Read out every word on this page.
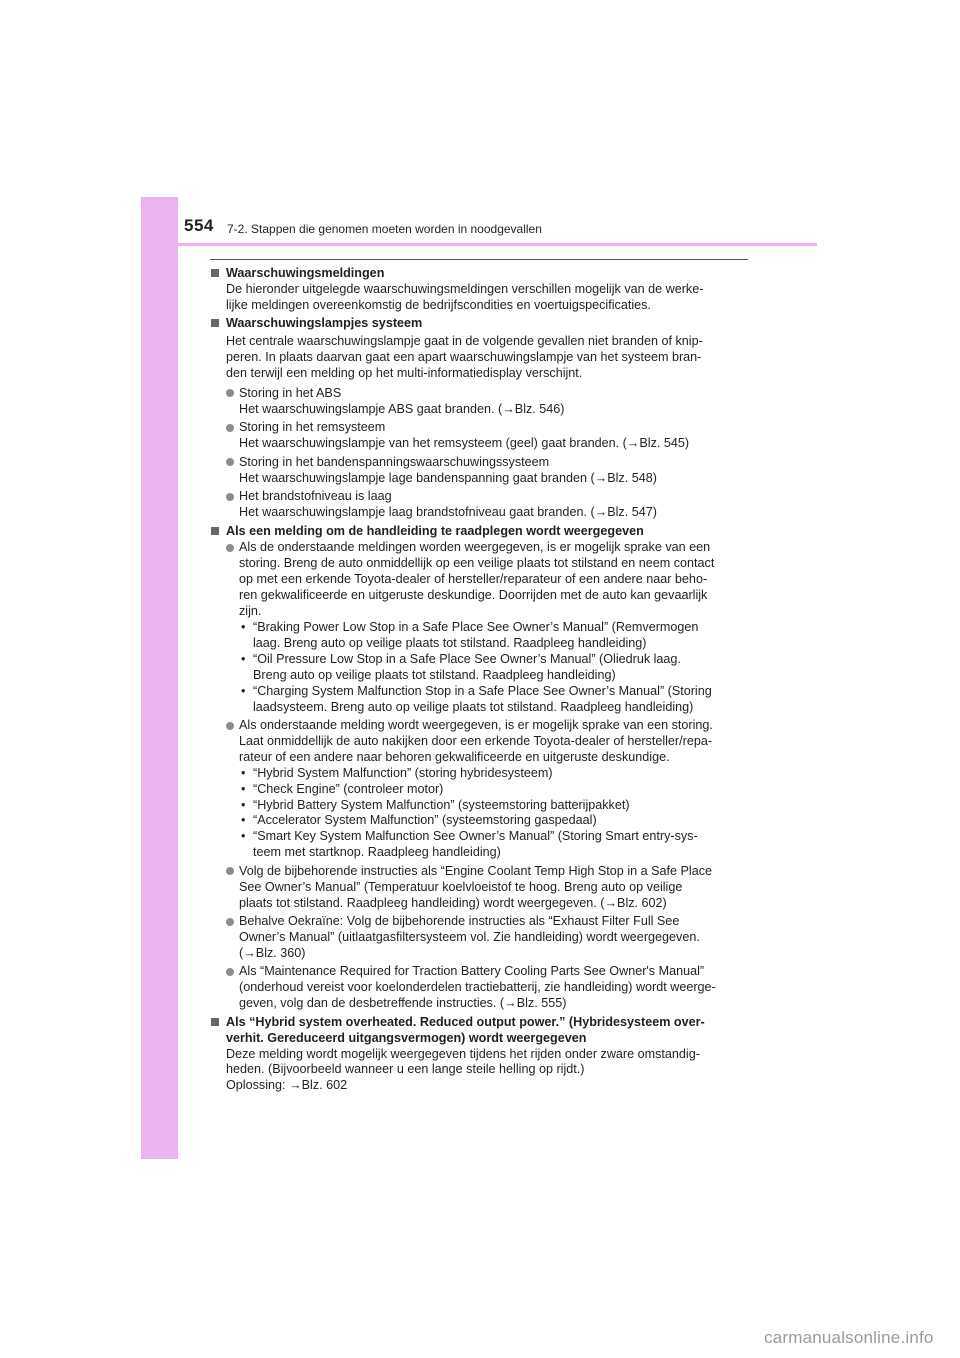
554 7-2. Stappen die genomen moeten worden in noodgevallen
Waarschuwingsmeldingen
De hieronder uitgelegde waarschuwingsmeldingen verschillen mogelijk van de werke-
lijke meldingen overeenkomstig de bedrijfscondities en voertuigspecificaties.
Waarschuwingslampjes systeem
Het centrale waarschuwingslampje gaat in de volgende gevallen niet branden of knip-
peren. In plaats daarvan gaat een apart waarschuwingslampje van het systeem bran-
den terwijl een melding op het multi-informatiedisplay verschijnt.
Storing in het ABS
Het waarschuwingslampje ABS gaat branden. (→Blz. 546)
Storing in het remsysteem
Het waarschuwingslampje van het remsysteem (geel) gaat branden. (→Blz. 545)
Storing in het bandenspanningswaarschuwingssysteem
Het waarschuwingslampje lage bandenspanning gaat branden (→Blz. 548)
Het brandstofniveau is laag
Het waarschuwingslampje laag brandstofniveau gaat branden. (→Blz. 547)
Als een melding om de handleiding te raadplegen wordt weergegeven
Als de onderstaande meldingen worden weergegeven, is er mogelijk sprake van een
storing. Breng de auto onmiddellijk op een veilige plaats tot stilstand en neem contact
op met een erkende Toyota-dealer of hersteller/reparateur of een andere naar beho-
ren gekwalificeerde en uitgeruste deskundige. Doorrijden met de auto kan gevaarlijk
zijn.
• “Braking Power Low Stop in a Safe Place See Owner’s Manual” (Remvermogen
laag. Breng auto op veilige plaats tot stilstand. Raadpleeg handleiding)
• “Oil Pressure Low Stop in a Safe Place See Owner’s Manual” (Oliedruk laag.
Breng auto op veilige plaats tot stilstand. Raadpleeg handleiding)
• “Charging System Malfunction Stop in a Safe Place See Owner’s Manual” (Storing
laadsysteem. Breng auto op veilige plaats tot stilstand. Raadpleeg handleiding)
Als onderstaande melding wordt weergegeven, is er mogelijk sprake van een storing.
Laat onmiddellijk de auto nakijken door een erkende Toyota-dealer of hersteller/repa-
rateur of een andere naar behoren gekwalificeerde en uitgeruste deskundige.
• “Hybrid System Malfunction” (storing hybridesysteem)
• “Check Engine” (controleer motor)
• “Hybrid Battery System Malfunction” (systeemstoring batterijpakket)
• “Accelerator System Malfunction” (systeemstoring gaspedaal)
• “Smart Key System Malfunction See Owner’s Manual” (Storing Smart entry-sys-
teem met startknop. Raadpleeg handleiding)
Volg de bijbehorende instructies als “Engine Coolant Temp High Stop in a Safe Place
See Owner’s Manual” (Temperatuur koelvloeistof te hoog. Breng auto op veilige
plaats tot stilstand. Raadpleeg handleiding) wordt weergegeven. (→Blz. 602)
Behalve Oekraïne: Volg de bijbehorende instructies als “Exhaust Filter Full See
Owner’s Manual” (uitlaatgasfiltersysteem vol. Zie handleiding) wordt weergegeven.
(→Blz. 360)
Als “Maintenance Required for Traction Battery Cooling Parts See Owner's Manual”
(onderhoud vereist voor koelonderdelen tractiebatterij, zie handleiding) wordt weerge-
geven, volg dan de desbetreffende instructies. (→Blz. 555)
Als “Hybrid system overheated. Reduced output power.” (Hybridesysteem over-
verhit. Gereduceerd uitgangsvermogen) wordt weergegeven
Deze melding wordt mogelijk weergegeven tijdens het rijden onder zware omstandig-
heden. (Bijvoorbeeld wanneer u een lange steile helling op rijdt.)
Oplossing: →Blz. 602
carmanualsonline.info
